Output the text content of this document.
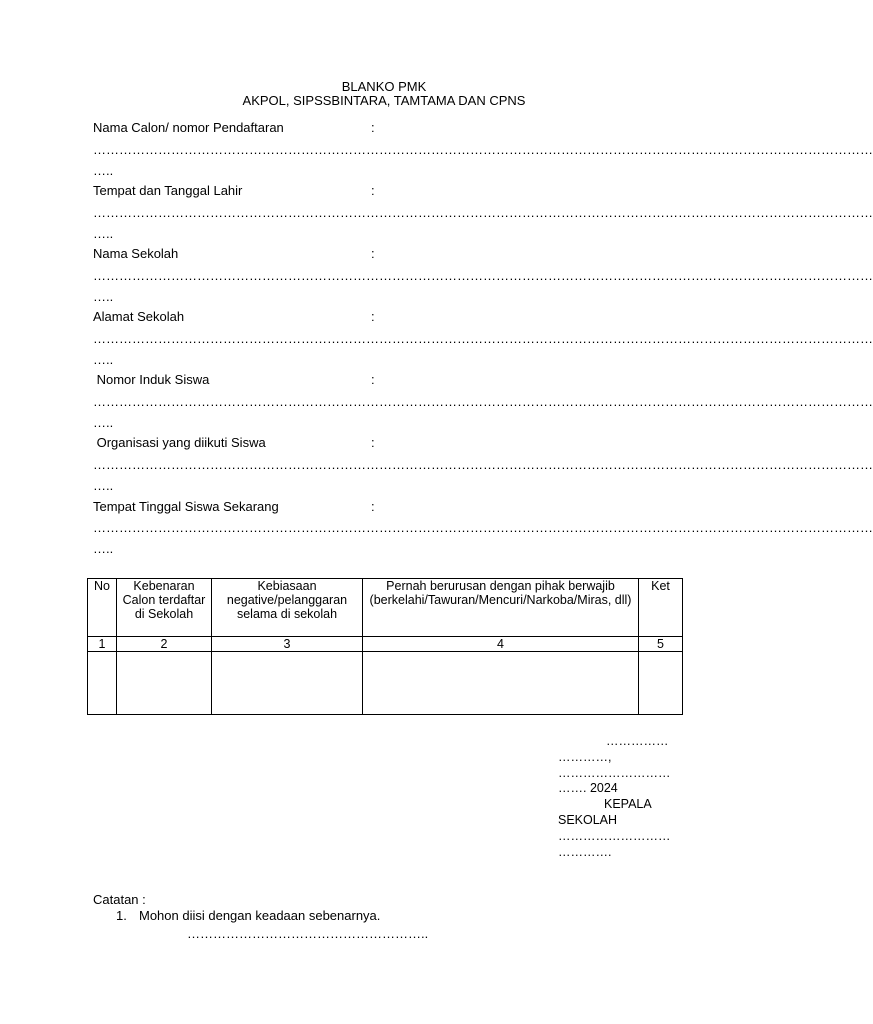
BLANKO PMK
AKPOL, SIPSSBINTARA, TAMTAMA DAN CPNS
Nama Calon/ nomor Pendaftaran	:
………………………………………………………………………………………………………………………………………………………………
…..
Tempat dan Tanggal Lahir	:
………………………………………………………………………………………………………………………………………………………………
…..
Nama Sekolah	:
………………………………………………………………………………………………………………………………………………………………
…..
Alamat Sekolah	:
………………………………………………………………………………………………………………………………………………………………
…..
Nomor Induk Siswa	:
………………………………………………………………………………………………………………………………………………………………
…..
Organisasi yang diikuti Siswa	:
………………………………………………………………………………………………………………………………………………………………
…..
Tempat Tinggal Siswa Sekarang	:
………………………………………………………………………………………………………………………………………………………………
…..
No	Kebenaran Calon terdaftar di Sekolah	Kebiasaan negative/pelanggaran selama di sekolah	Pernah berurusan dengan pihak berwajib (berkelahi/Tawuran/Mencuri/Narkoba/Miras, dll)	Ket
1	2	3	4	5

……………
…………,
………………………
……. 2024
KEPALA
SEKOLAH
………………………
………….
Catatan :
1. Mohon diisi dengan keadaan sebenarnya.
………………………………………………..
